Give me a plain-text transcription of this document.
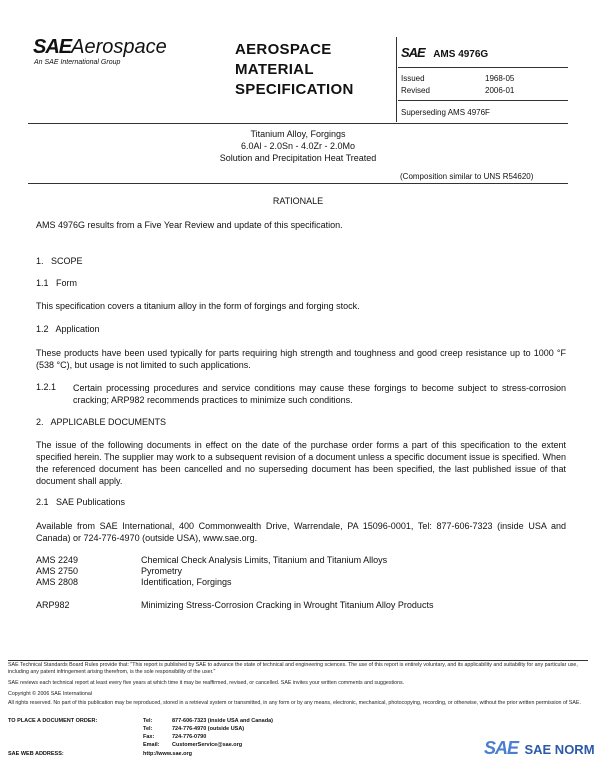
SAEAerospace
An SAE International Group
AEROSPACE
MATERIAL
SPECIFICATION
SAE AMS 4976G
Issued	1968-05
Revised	2006-01
Superseding AMS 4976F
Titanium Alloy, Forgings
6.0Al - 2.0Sn - 4.0Zr - 2.0Mo
Solution and Precipitation Heat Treated
(Composition similar to UNS R54620)
RATIONALE
AMS 4976G results from a Five Year Review and update of this specification.
1.   SCOPE
1.1   Form
This specification covers a titanium alloy in the form of forgings and forging stock.
1.2   Application
These products have been used typically for parts requiring high strength and toughness and good creep resistance up to 1000 °F (538 °C), but usage is not limited to such applications.
1.2.1 Certain processing procedures and service conditions may cause these forgings to become subject to stress-corrosion cracking; ARP982 recommends practices to minimize such conditions.
2.   APPLICABLE DOCUMENTS
The issue of the following documents in effect on the date of the purchase order forms a part of this specification to the extent specified herein. The supplier may work to a subsequent revision of a document unless a specific document issue is specified. When the referenced document has been cancelled and no superseding document has been specified, the last published issue of that document shall apply.
2.1   SAE Publications
Available from SAE International, 400 Commonwealth Drive, Warrendale, PA 15096-0001, Tel: 877-606-7323 (inside USA and Canada) or 724-776-4970 (outside USA), www.sae.org.
AMS 2249	Chemical Check Analysis Limits, Titanium and Titanium Alloys
AMS 2750	Pyrometry
AMS 2808	Identification, Forgings
ARP982	Minimizing Stress-Corrosion Cracking in Wrought Titanium Alloy Products
SAE Technical Standards Board Rules provide that: "This report is published by SAE to advance the state of technical and engineering sciences. The use of this report is entirely voluntary, and its applicability and suitability for any particular use, including any patent infringement arising therefrom, is the sole responsibility of the user."
SAE reviews each technical report at least every five years at which time it may be reaffirmed, revised, or cancelled. SAE invites your written comments and suggestions.
Copyright © 2006 SAE International
All rights reserved. No part of this publication may be reproduced, stored in a retrieval system or transmitted, in any form or by any means, electronic, mechanical, photocopying, recording, or otherwise, without the prior written permission of SAE.
TO PLACE A DOCUMENT ORDER:	Tel:	877-606-7323 (inside USA and Canada)
Tel:	724-776-4970 (outside USA)
Fax:	724-776-0790
Email: CustomerService@sae.org
SAE WEB ADDRESS:	http://www.sae.org	SAE SAE NORM
